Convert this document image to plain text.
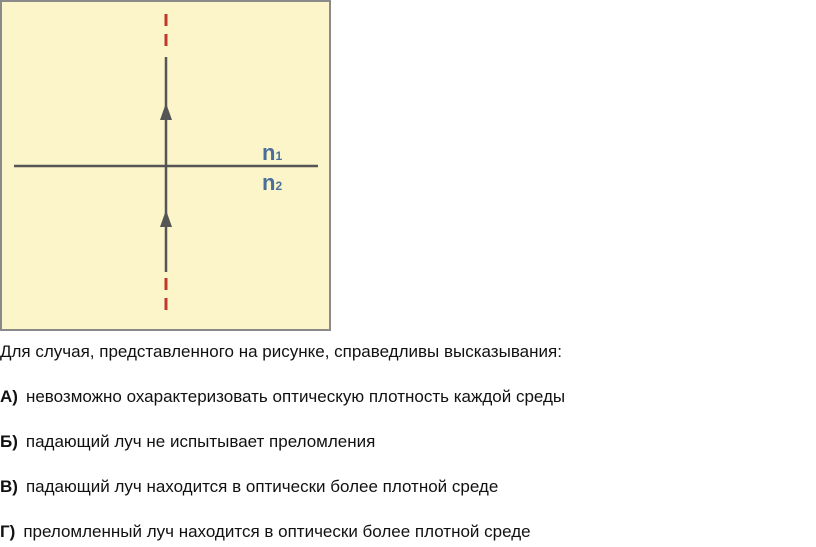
n1
n2
Для случая, представленного на рисунке, справедливы высказывания:
А) невозможно охарактеризовать оптическую плотность каждой среды
Б) падающий луч не испытывает преломления
В) падающий луч находится в оптически более плотной среде
Г) преломленный луч находится в оптически более плотной среде
